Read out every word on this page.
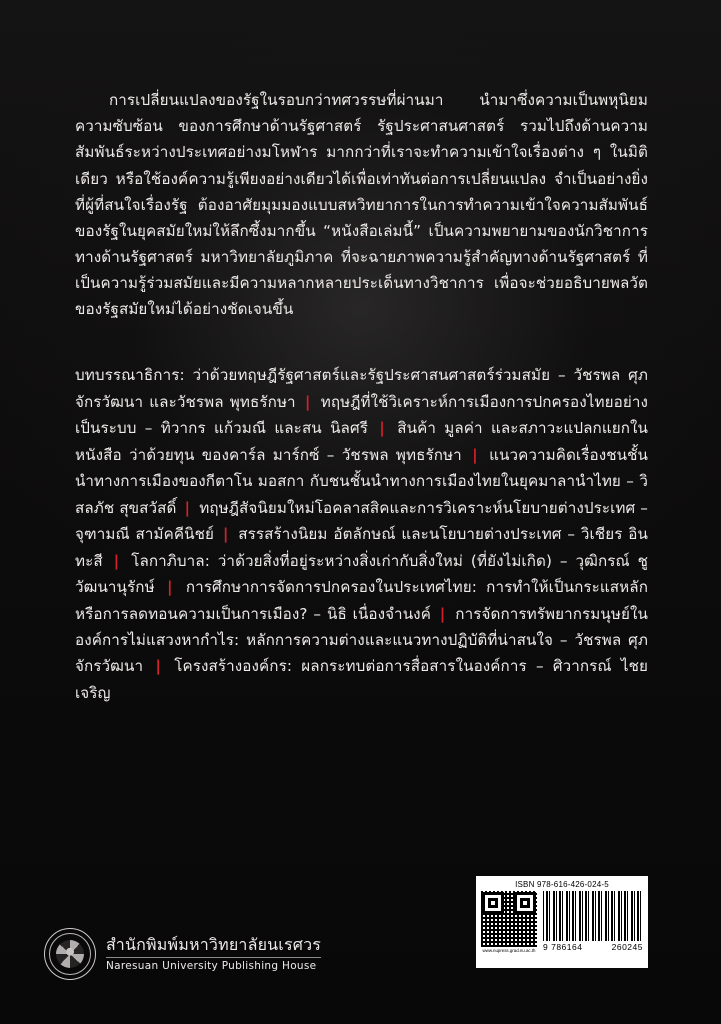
การเปลี่ยนแปลงของรัฐในรอบกว่าทศวรรษที่ผ่านมา นำมาซึ่งความเป็นพหุนิยม ความซับซ้อน ของการศึกษาด้านรัฐศาสตร์ รัฐประศาสนศาสตร์ รวมไปถึงด้านความสัมพันธ์ระหว่างประเทศอย่างมโหฬาร มากกว่าที่เราจะทำความเข้าใจเรื่องต่าง ๆ ในมิติเดียว หรือใช้องค์ความรู้เพียงอย่างเดียวได้เพื่อเท่าทันต่อการเปลี่ยนแปลง จำเป็นอย่างยิ่งที่ผู้ที่สนใจเรื่องรัฐ ต้องอาศัยมุมมองแบบสหวิทยาการในการทำความเข้าใจความสัมพันธ์ของรัฐในยุคสมัยใหม่ให้ลึกซึ้งมากขึ้น “หนังสือเล่มนี้” เป็นความพยายามของนักวิชาการทางด้านรัฐศาสตร์ มหาวิทยาลัยภูมิภาค ที่จะฉายภาพความรู้สำคัญทางด้านรัฐศาสตร์ ที่เป็นความรู้ร่วมสมัยและมีความหลากหลายประเด็นทางวิชาการ เพื่อจะช่วยอธิบายพลวัตของรัฐสมัยใหม่ได้อย่างชัดเจนขึ้น

บทบรรณาธิการ: ว่าด้วยทฤษฎีรัฐศาสตร์และรัฐประศาสนศาสตร์ร่วมสมัย – วัชรพล ศุภจักรวัฒนา และวัชรพล พุทธรักษา | ทฤษฎีที่ใช้วิเคราะห์การเมืองการปกครองไทยอย่างเป็นระบบ – ทิวากร แก้วมณี และสน นิลศรี | สินค้า มูลค่า และสภาวะแปลกแยกในหนังสือ ว่าด้วยทุน ของคาร์ล มาร์กซ์ – วัชรพล พุทธรักษา | แนวความคิดเรื่องชนชั้นนำทางการเมืองของกีตาโน มอสกา กับชนชั้นนำทางการเมืองไทยในยุคมาลานำไทย – วิสลภัช สุขสวัสดิ์ | ทฤษฎีสัจนิยมใหม่โอคลาสสิคและการวิเคราะห์นโยบายต่างประเทศ – จุฑามณี สามัคคีนิชย์ | สรรสร้างนิยม อัตลักษณ์ และนโยบายต่างประเทศ – วิเชียร อินทะสี | โลกาภิบาล: ว่าด้วยสิ่งที่อยู่ระหว่างสิ่งเก่ากับสิ่งใหม่ (ที่ยังไม่เกิด) – วุฒิกรณ์ ชูวัฒนานุรักษ์ | การศึกษาการจัดการปกครองในประเทศไทย: การทำให้เป็นกระแสหลัก หรือการลดทอนความเป็นการเมือง? – นิธิ เนื่องจำนงค์ | การจัดการทรัพยากรมนุษย์ในองค์การไม่แสวงหากำไร: หลักการความต่างและแนวทางปฏิบัติที่น่าสนใจ – วัชรพล ศุภจักรวัฒนา | โครงสร้างองค์กร: ผลกระทบต่อการสื่อสารในองค์การ – ศิวากรณ์ ไชยเจริญ

ISBN 978-616-426-024-5
www.nupress.grad.nu.ac.th 9 786164	260245
สำนักพิมพ์มหาวิทยาลัยนเรศวร
Naresuan University Publishing House
